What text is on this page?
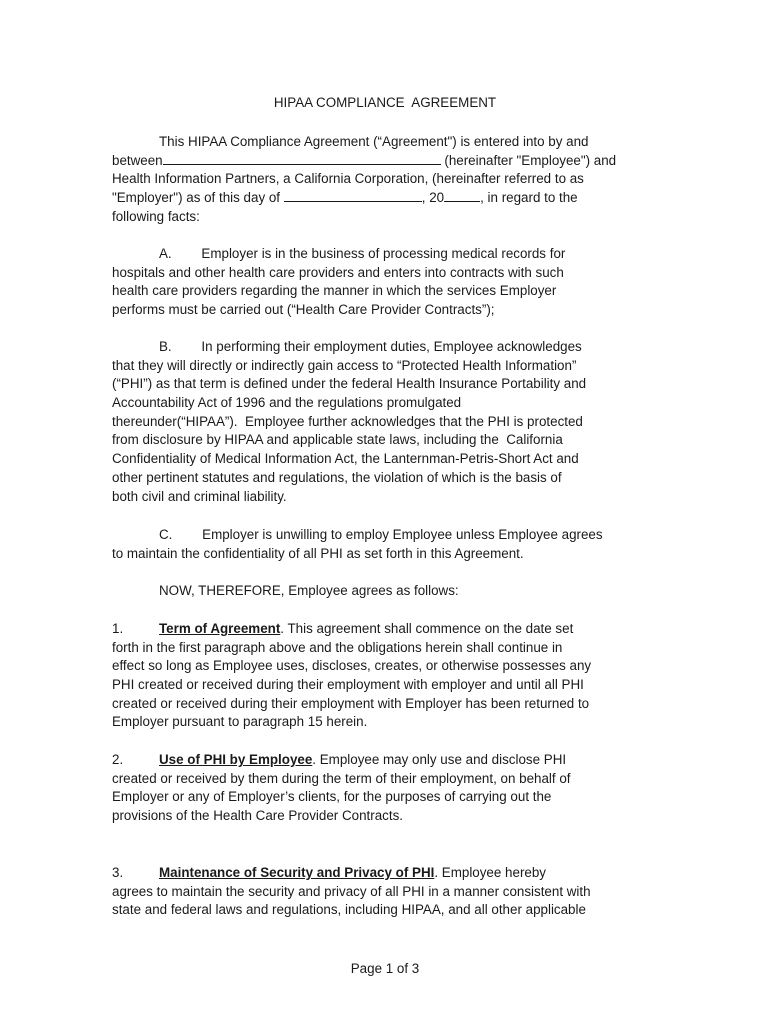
HIPAA COMPLIANCE  AGREEMENT
This HIPAA Compliance Agreement (“Agreement") is entered into by and
between	(hereinafter "Employee") and
Health Information Partners, a California Corporation, (hereinafter referred to as
"Employer") as of this day of	, 20	, in regard to the
following facts:
A.        Employer is in the business of processing medical records for
hospitals and other health care providers and enters into contracts with such
health care providers regarding the manner in which the services Employer
performs must be carried out (“Health Care Provider Contracts”);
B.        In performing their employment duties, Employee acknowledges
that they will directly or indirectly gain access to “Protected Health Information”
(“PHI”) as that term is defined under the federal Health Insurance Portability and
Accountability Act of 1996 and the regulations promulgated
thereunder(“HIPAA”).  Employee further acknowledges that the PHI is protected
from disclosure by HIPAA and applicable state laws, including the  California
Confidentiality of Medical Information Act, the Lanternman-Petris-Short Act and
other pertinent statutes and regulations, the violation of which is the basis of
both civil and criminal liability.
C.        Employer is unwilling to employ Employee unless Employee agrees
to maintain the confidentiality of all PHI as set forth in this Agreement.
NOW, THEREFORE, Employee agrees as follows:
1.	Term of Agreement. This agreement shall commence on the date set
forth in the first paragraph above and the obligations herein shall continue in
effect so long as Employee uses, discloses, creates, or otherwise possesses any
PHI created or received during their employment with employer and until all PHI
created or received during their employment with Employer has been returned to
Employer pursuant to paragraph 15 herein.
2.	Use of PHI by Employee. Employee may only use and disclose PHI
created or received by them during the term of their employment, on behalf of
Employer or any of Employer’s clients, for the purposes of carrying out the
provisions of the Health Care Provider Contracts.
3.	Maintenance of Security and Privacy of PHI. Employee hereby
agrees to maintain the security and privacy of all PHI in a manner consistent with
state and federal laws and regulations, including HIPAA, and all other applicable
Page 1 of 3
